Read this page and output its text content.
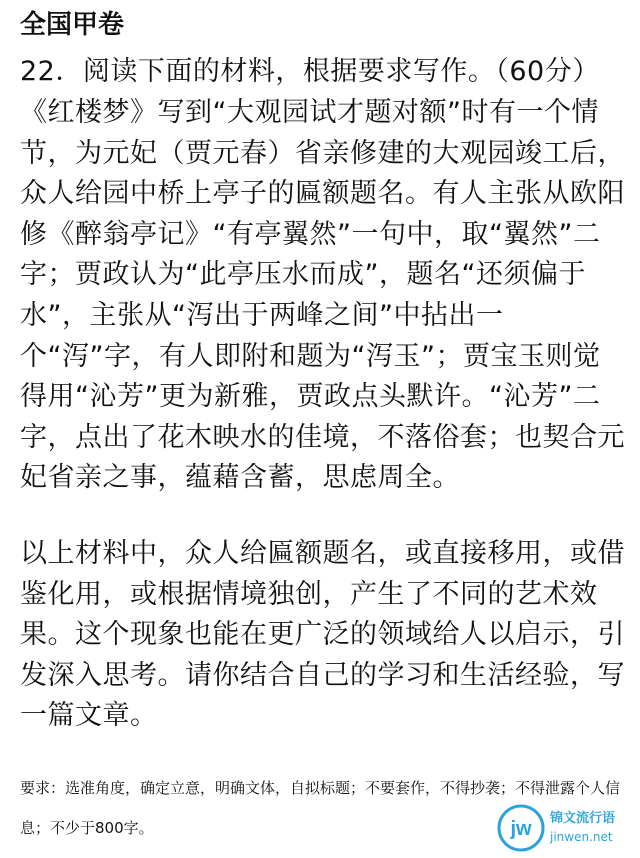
全国甲卷
22．阅读下面的材料，根据要求写作。（60分）
《红楼梦》写到“大观园试才题对额”时有一个情节，为元妃（贾元春）省亲修建的大观园竣工后，众人给园中桥上亭子的匾额题名。有人主张从欧阳修《醉翁亭记》“有亭翼然”一句中，取“翼然”二字；贾政认为“此亭压水而成”，题名“还须偏于水”，主张从“泻出于两峰之间”中拈出一个“泻”字，有人即附和题为“泻玉”；贾宝玉则觉得用“沁芳”更为新雅，贾政点头默许。“沁芳”二字，点出了花木映水的佳境，不落俗套；也契合元妃省亲之事，蕴藉含蓄，思虑周全。
以上材料中，众人给匾额题名，或直接移用，或借鉴化用，或根据情境独创，产生了不同的艺术效果。这个现象也能在更广泛的领域给人以启示，引发深入思考。请你结合自己的学习和生活经验，写一篇文章。
要求：选准角度，确定立意，明确文体，自拟标题；不要套作，不得抄袭；不得泄露个人信息；不少于800字。	jw 锦文流行语
jinwen.net
